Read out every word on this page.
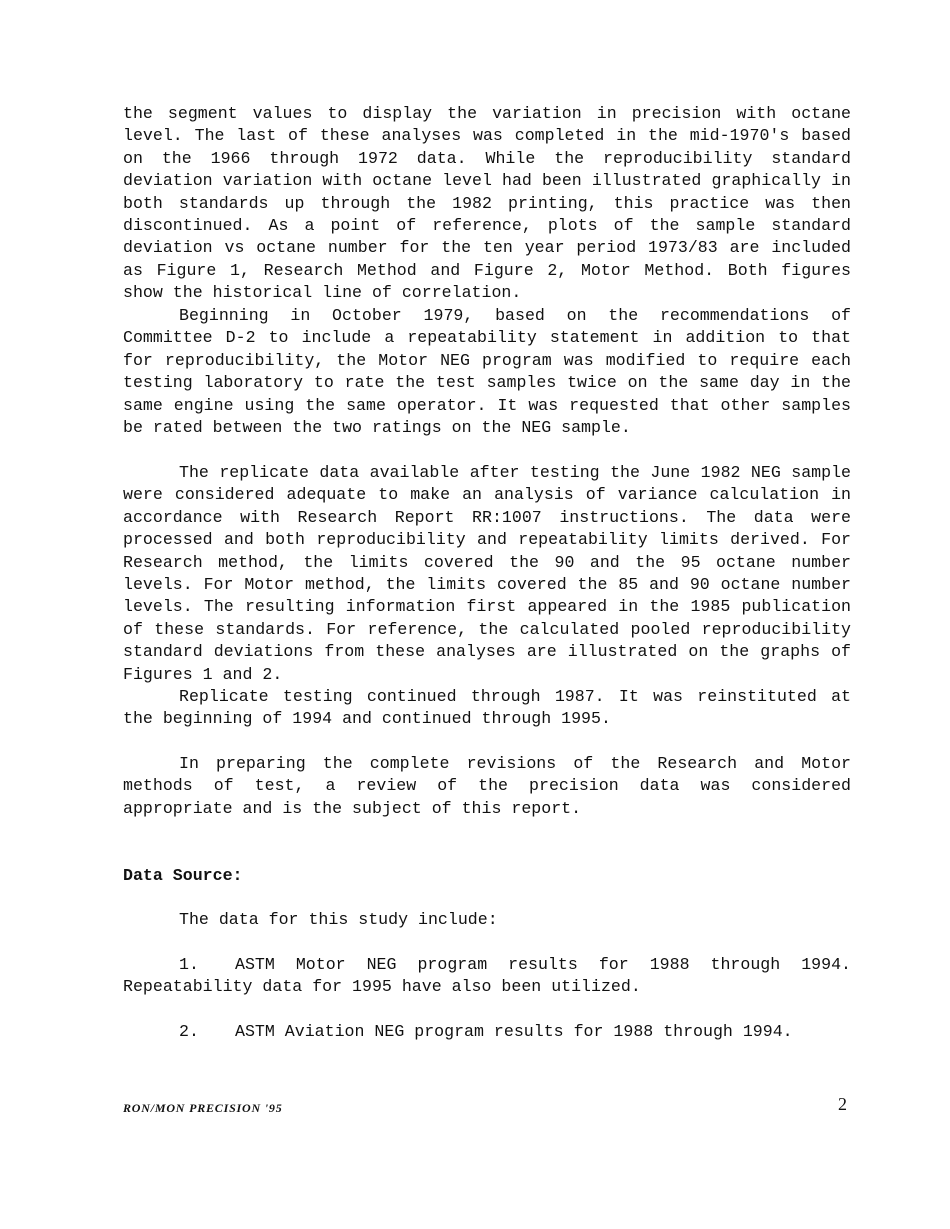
the segment values to display the variation in precision with octane level. The last of these analyses was completed in the mid-1970's based on the 1966 through 1972 data. While the reproducibility standard deviation variation with octane level had been illustrated graphically in both standards up through the 1982 printing, this practice was then discontinued. As a point of reference, plots of the sample standard deviation vs octane number for the ten year period 1973/83 are included as Figure 1, Research Method and Figure 2, Motor Method. Both figures show the historical line of correlation.

Beginning in October 1979, based on the recommendations of Committee D-2 to include a repeatability statement in addition to that for reproducibility, the Motor NEG program was modified to require each testing laboratory to rate the test samples twice on the same day in the same engine using the same operator. It was requested that other samples be rated between the two ratings on the NEG sample.

The replicate data available after testing the June 1982 NEG sample were considered adequate to make an analysis of variance calculation in accordance with Research Report RR:1007 instructions. The data were processed and both reproducibility and repeatability limits derived. For Research method, the limits covered the 90 and the 95 octane number levels. For Motor method, the limits covered the 85 and 90 octane number levels. The resulting information first appeared in the 1985 publication of these standards. For reference, the calculated pooled reproducibility standard deviations from these analyses are illustrated on the graphs of Figures 1 and 2.

Replicate testing continued through 1987. It was reinstituted at the beginning of 1994 and continued through 1995.

In preparing the complete revisions of the Research and Motor methods of test, a review of the precision data was considered appropriate and is the subject of this report.

Data Source:

The data for this study include:

1. ASTM Motor NEG program results for 1988 through 1994. Repeatability data for 1995 have also been utilized.

2. ASTM Aviation NEG program results for 1988 through 1994.

RON/MON PRECISION '95	2
